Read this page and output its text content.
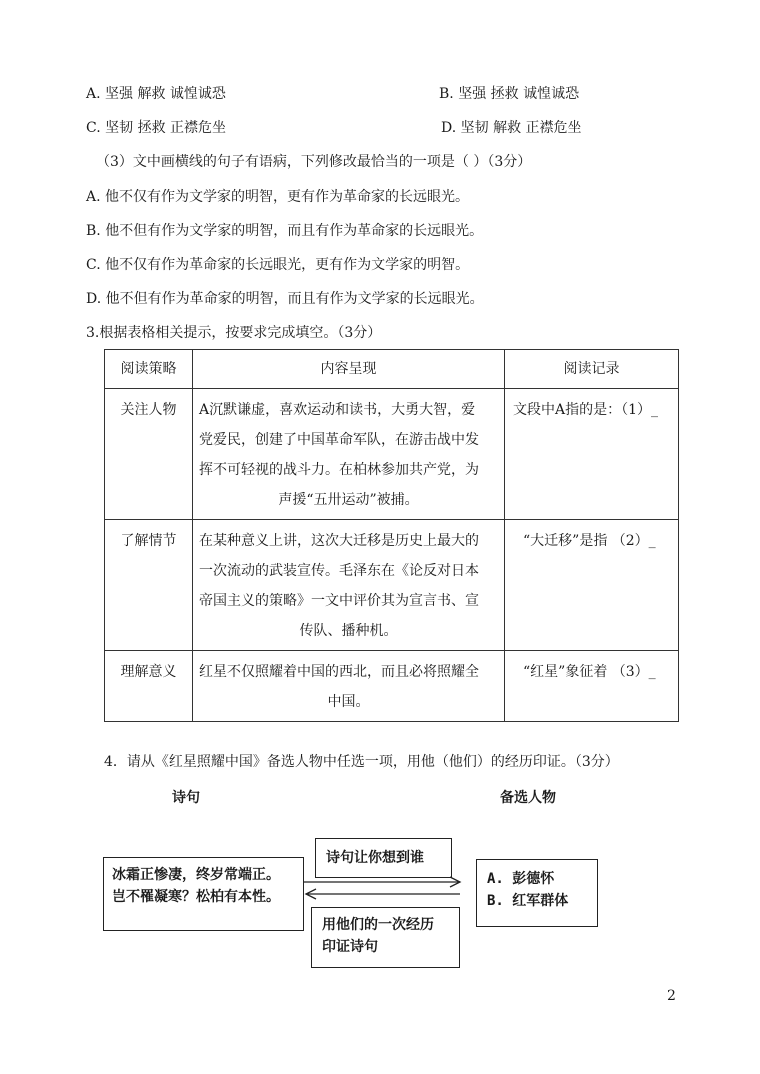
A. 坚强 解救 诚惶诚恐	B. 坚强 拯救 诚惶诚恐
C. 坚韧 拯救 正襟危坐	D. 坚韧 解救 正襟危坐
（3）文中画横线的句子有语病，下列修改最恰当的一项是（ ）（3分）
A. 他不仅有作为文学家的明智，更有作为革命家的长远眼光。
B. 他不但有作为文学家的明智，而且有作为革命家的长远眼光。
C. 他不仅有作为革命家的长远眼光，更有作为文学家的明智。
D. 他不但有作为革命家的明智，而且有作为文学家的长远眼光。
3.根据表格相关提示，按要求完成填空。（3分）
阅读策略	内容呈现	阅读记录

关注人物	A沉默谦虚，喜欢运动和读书，大勇大智，爱
党爱民，创建了中国革命军队，在游击战中发
挥不可轻视的战斗力。在柏林参加共产党，为
声援“五卅运动”被捕。	文段中A指的是：（1）_

了解情节	在某种意义上讲，这次大迁移是历史上最大的
一次流动的武装宣传。毛泽东在《论反对日本
帝国主义的策略》一文中评价其为宣言书、宣
传队、播种机。	“大迁移”是指 （2）_

理解意义	红星不仅照耀着中国的西北，而且必将照耀全
中国。	“红星”象征着 （3）_
4．请从《红星照耀中国》备选人物中任选一项，用他（他们）的经历印证。（3分）
诗句	备选人物
冰霜正惨凄，终岁常端正。
岂不罹凝寒？松柏有本性。
诗句让你想到谁
用他们的一次经历
印证诗句
A. 彭德怀
B. 红军群体
2
